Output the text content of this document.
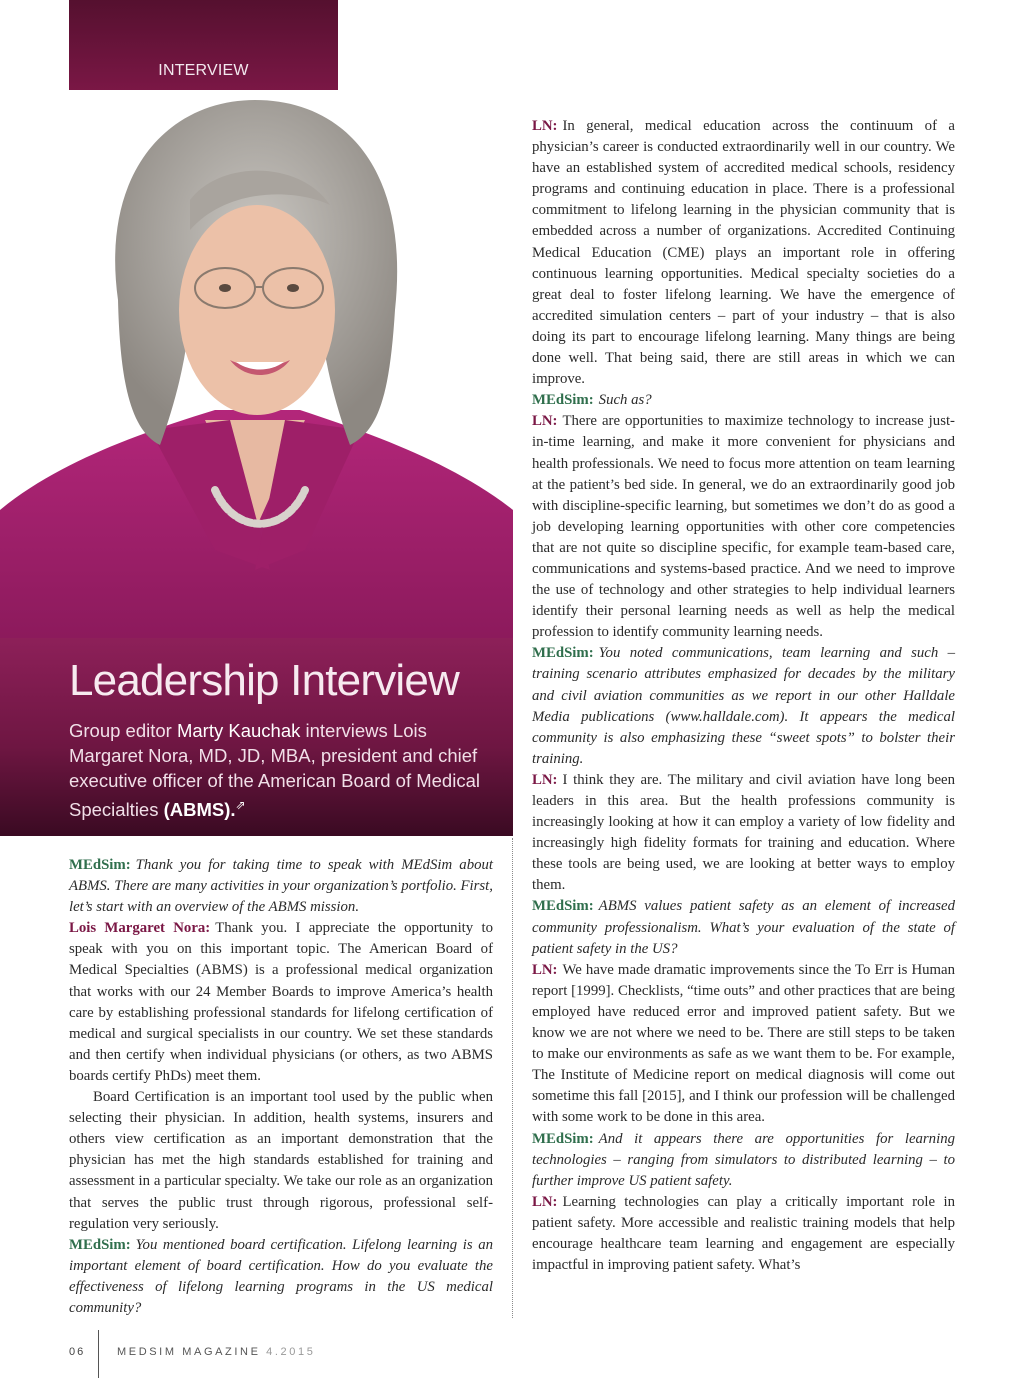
INTERVIEW
Leadership Interview
Group editor Marty Kauchak interviews Lois Margaret Nora, MD, JD, MBA, president and chief executive officer of the American Board of Medical Specialties (ABMS).⇗

MEdSim: Thank you for taking time to speak with MEdSim about ABMS. There are many activities in your organization’s portfolio. First, let’s start with an overview of the ABMS mission.

Lois Margaret Nora: Thank you. I appreciate the opportunity to speak with you on this important topic. The American Board of Medical Specialties (ABMS) is a professional medical organization that works with our 24 Member Boards to improve America’s health care by establishing professional standards for lifelong certification of medical and surgical specialists in our country. We set these standards and then certify when individual physicians (or others, as two ABMS boards certify PhDs) meet them.

Board Certification is an important tool used by the public when selecting their physician. In addition, health systems, insurers and others view certification as an important demonstration that the physician has met the high standards established for training and assessment in a particular specialty. We take our role as an organization that serves the public trust through rigorous, professional self-regulation very seriously.

MEdSim: You mentioned board certification. Lifelong learning is an important element of board certification. How do you evaluate the effectiveness of lifelong learning programs in the US medical community?

LN: In general, medical education across the continuum of a physician’s career is conducted extraordinarily well in our country. We have an established system of accredited medical schools, residency programs and continuing education in place. There is a professional commitment to lifelong learning in the physician community that is embedded across a number of organizations. Accredited Continuing Medical Education (CME) plays an important role in offering continuous learning opportunities. Medical specialty societies do a great deal to foster lifelong learning. We have the emergence of accredited simulation centers – part of your industry – that is also doing its part to encourage lifelong learning. Many things are being done well. That being said, there are still areas in which we can improve.

MEdSim: Such as?

LN: There are opportunities to maximize technology to increase just-in-time learning, and make it more convenient for physicians and health professionals. We need to focus more attention on team learning at the patient’s bed side. In general, we do an extraordinarily good job with discipline-specific learning, but sometimes we don’t do as good a job developing learning opportunities with other core competencies that are not quite so discipline specific, for example team-based care, communications and systems-based practice. And we need to improve the use of technology and other strategies to help individual learners identify their personal learning needs as well as help the medical profession to identify community learning needs.

MEdSim: You noted communications, team learning and such – training scenario attributes emphasized for decades by the military and civil aviation communities as we report in our other Halldale Media publications (www.halldale.com). It appears the medical community is also emphasizing these “sweet spots” to bolster their training.

LN: I think they are. The military and civil aviation have long been leaders in this area. But the health professions community is increasingly looking at how it can employ a variety of low fidelity and increasingly high fidelity formats for training and education. Where these tools are being used, we are looking at better ways to employ them.

MEdSim: ABMS values patient safety as an element of increased community professionalism. What’s your evaluation of the state of patient safety in the US?

LN: We have made dramatic improvements since the To Err is Human report [1999]. Checklists, “time outs” and other practices that are being employed have reduced error and improved patient safety. But we know we are not where we need to be. There are still steps to be taken to make our environments as safe as we want them to be. For example, The Institute of Medicine report on medical diagnosis will come out sometime this fall [2015], and I think our profession will be challenged with some work to be done in this area.

MEdSim: And it appears there are opportunities for learning technologies – ranging from simulators to distributed learning – to further improve US patient safety.

LN: Learning technologies can play a critically important role in patient safety. More accessible and realistic training models that help encourage healthcare team learning and engagement are especially impactful in improving patient safety. What’s

06	MEDSIM MAGAZINE 4.2015
